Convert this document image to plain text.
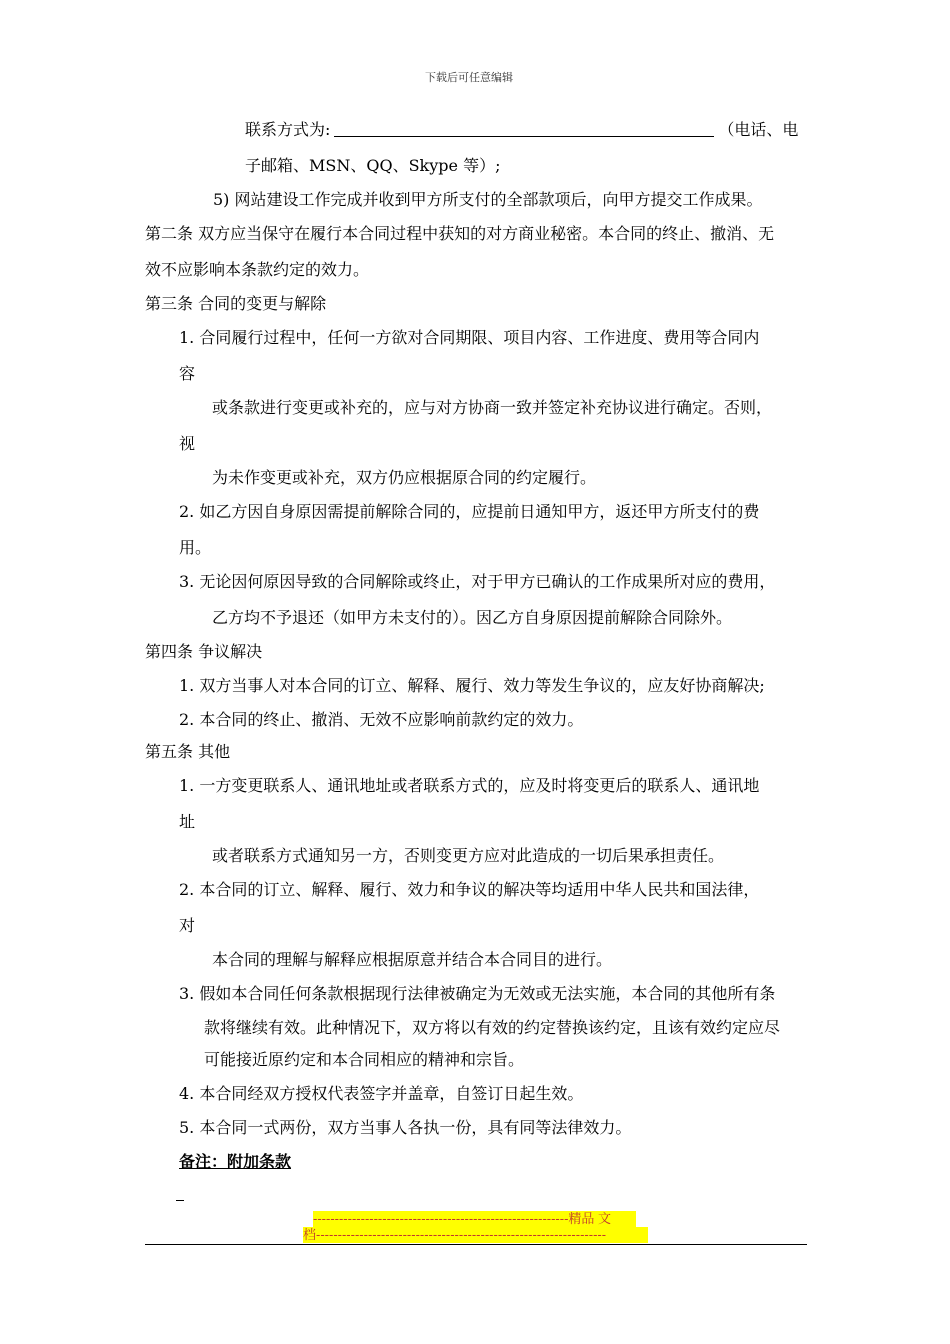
下载后可任意编辑
联系方式为:	（电话、电
子邮箱、MSN、QQ、Skype 等）;
5) 网站建设工作完成并收到甲方所支付的全部款项后，向甲方提交工作成果。
第二条 双方应当保守在履行本合同过程中获知的对方商业秘密。本合同的终止、撤消、无
效不应影响本条款约定的效力。
第三条 合同的变更与解除
1. 合同履行过程中，任何一方欲对合同期限、项目内容、工作进度、费用等合同内
容
或条款进行变更或补充的，应与对方协商一致并签定补充协议进行确定。否则，
视
为未作变更或补充，双方仍应根据原合同的约定履行。
2. 如乙方因自身原因需提前解除合同的，应提前日通知甲方，返还甲方所支付的费
用。
3. 无论因何原因导致的合同解除或终止，对于甲方已确认的工作成果所对应的费用，
乙方均不予退还（如甲方未支付的）。因乙方自身原因提前解除合同除外。
第四条 争议解决
1. 双方当事人对本合同的订立、解释、履行、效力等发生争议的，应友好协商解决;
2. 本合同的终止、撤消、无效不应影响前款约定的效力。
第五条 其他
1. 一方变更联系人、通讯地址或者联系方式的，应及时将变更后的联系人、通讯地
址
或者联系方式通知另一方，否则变更方应对此造成的一切后果承担责任。
2. 本合同的订立、解释、履行、效力和争议的解决等均适用中华人民共和国法律，
对
本合同的理解与解释应根据原意并结合本合同目的进行。
3. 假如本合同任何条款根据现行法律被确定为无效或无法实施，本合同的其他所有条
款将继续有效。此种情况下，双方将以有效的约定替换该约定，且该有效约定应尽
可能接近原约定和本合同相应的精神和宗旨。
4. 本合同经双方授权代表签字并盖章，自签订日起生效。
5. 本合同一式两份，双方当事人各执一份，具有同等法律效力。
备注：附加条款
-----------------------------------------------------------精品 文
档-------------------------------------------------------------------
